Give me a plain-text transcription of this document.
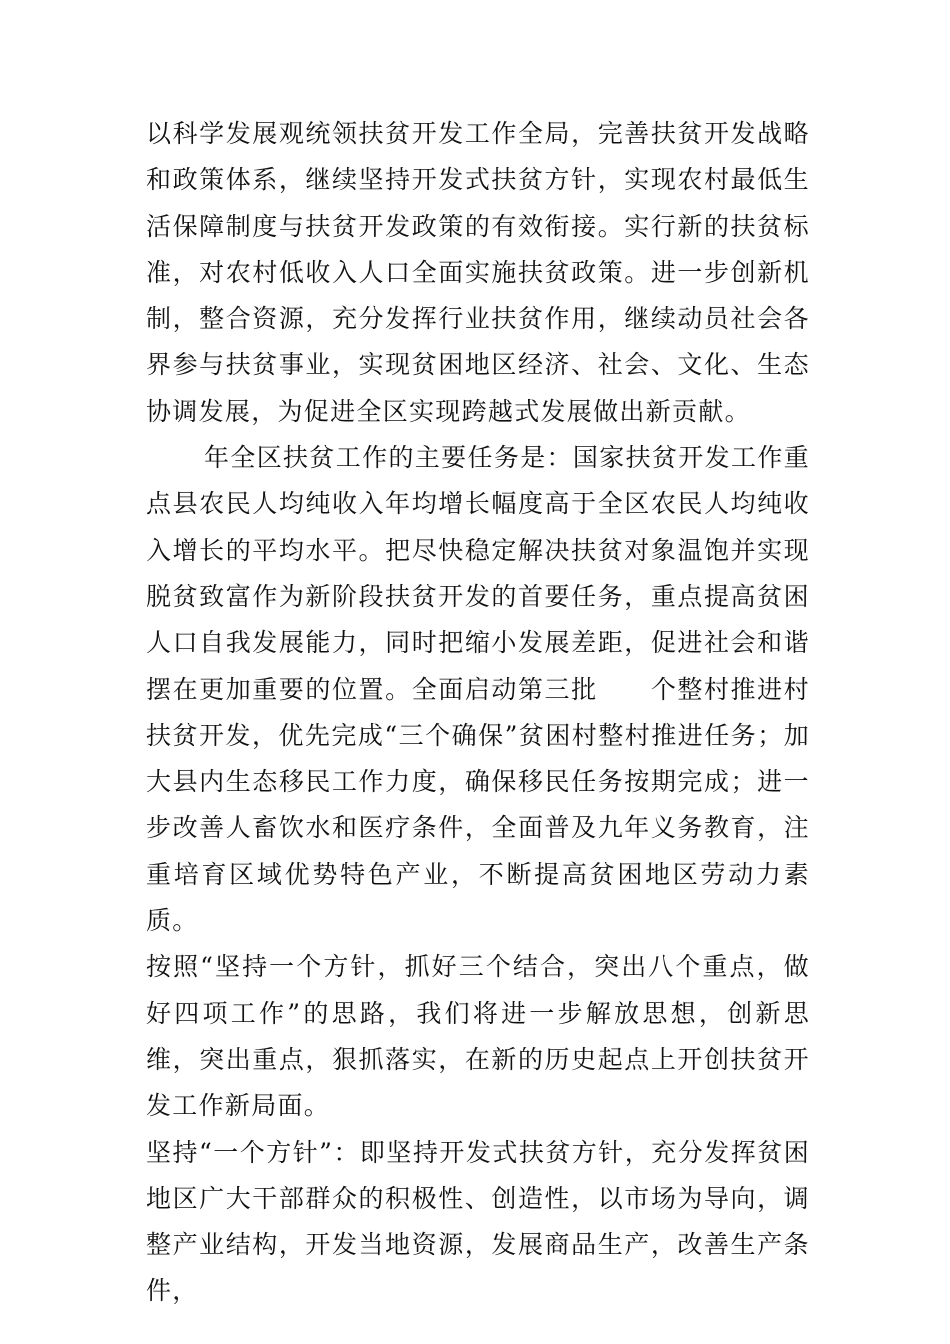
以科学发展观统领扶贫开发工作全局，完善扶贫开发战略和政策体系，继续坚持开发式扶贫方针，实现农村最低生活保障制度与扶贫开发政策的有效衔接。实行新的扶贫标准，对农村低收入人口全面实施扶贫政策。进一步创新机制，整合资源，充分发挥行业扶贫作用，继续动员社会各界参与扶贫事业，实现贫困地区经济、社会、文化、生态协调发展，为促进全区实现跨越式发展做出新贡献。

年全区扶贫工作的主要任务是：国家扶贫开发工作重点县农民人均纯收入年均增长幅度高于全区农民人均纯收入增长的平均水平。把尽快稳定解决扶贫对象温饱并实现脱贫致富作为新阶段扶贫开发的首要任务，重点提高贫困人口自我发展能力，同时把缩小发展差距，促进社会和谐摆在更加重要的位置。全面启动第三批　　个整村推进村扶贫开发，优先完成“三个确保”贫困村整村推进任务；加大县内生态移民工作力度，确保移民任务按期完成；进一步改善人畜饮水和医疗条件，全面普及九年义务教育，注重培育区域优势特色产业，不断提高贫困地区劳动力素质。

按照“坚持一个方针，抓好三个结合，突出八个重点，做好四项工作”的思路，我们将进一步解放思想，创新思维，突出重点，狠抓落实，在新的历史起点上开创扶贫开发工作新局面。

坚持“一个方针”：即坚持开发式扶贫方针，充分发挥贫困地区广大干部群众的积极性、创造性，以市场为导向，调整产业结构，开发当地资源，发展商品生产，改善生产条件，
